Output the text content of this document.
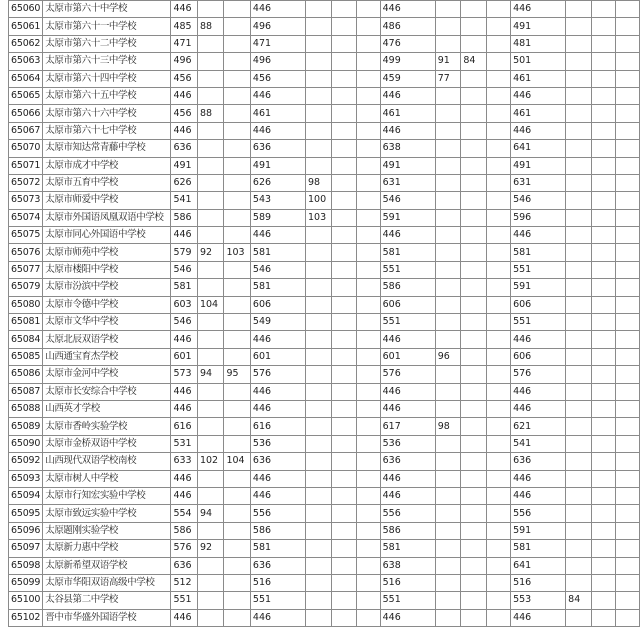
65060	太原市第六十中学校	446			446				446				446			
65061	太原市第六十一中学校	485	88		496				486				491			
65062	太原市第六十二中学校	471			471				476				481			
65063	太原市第六十三中学校	496			496				499	91	84		501			
65064	太原市第六十四中学校	456			456				459	77			461			
65065	太原市第六十五中学校	446			446				446				446			
65066	太原市第六十六中学校	456	88		461				461				461			
65067	太原市第六十七中学校	446			446				446				446			
65070	太原市知达常青藤中学校	636			636				638				641			
65071	太原市成才中学校	491			491				491				491			
65072	太原市五育中学校	626			626	98			631				631			
65073	太原市师爱中学校	541			543	100			546				546			
65074	太原市外国语凤凰双语中学校	586			589	103			591				596			
65075	太原市同心外国语中学校	446			446				446				446			
65076	太原市师苑中学校	579	92	103	581				581				581			
65077	太原市楼阳中学校	546			546				551				551			
65079	太原市汾滨中学校	581			581				586				591			
65080	太原市令德中学校	603	104		606				606				606			
65081	太原市文华中学校	546			549				551				551			
65084	太原北辰双语学校	446			446				446				446			
65085	山西通宝育杰学校	601			601				601	96			606			
65086	太原市金河中学校	573	94	95	576				576				576			
65087	太原市长安综合中学校	446			446				446				446			
65088	山西英才学校	446			446				446				446			
65089	太原市香岭实验学校	616			616				617	98			621			
65090	太原市金桥双语中学校	531			536				536				541			
65092	山西现代双语学校南校	633	102	104	636				636				636			
65093	太原市树人中学校	446			446				446				446			
65094	太原市行知宏实验中学校	446			446				446				446			
65095	太原市致远实验中学校	554	94		556				556				556			
65096	太原题刚实验学校	586			586				586				591			
65097	太原新力惠中学校	576	92		581				581				581			
65098	太原新希望双语学校	636			636				638				641			
65099	太原市华阳双语高级中学校	512			516				516				516			
65100	太谷县第二中学校	551			551				551				553	84		
65102	晋中市华盛外国语学校	446			446				446				446			
